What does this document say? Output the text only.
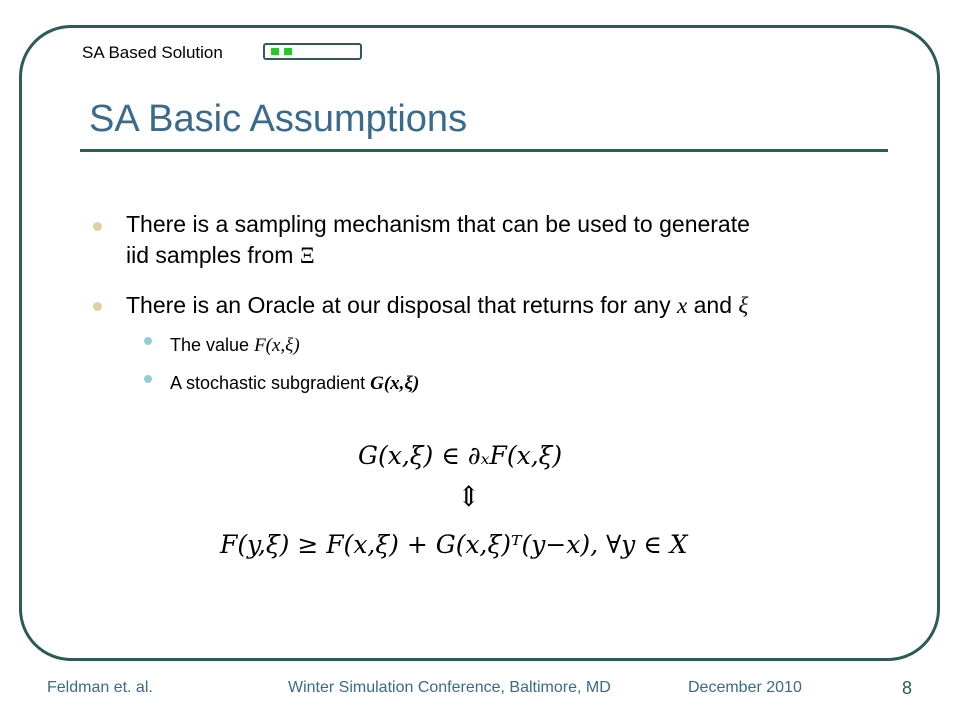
SA Based Solution
SA Basic Assumptions
There is a sampling mechanism that can be used to generate
iid samples from Ξ
There is an Oracle at our disposal that returns for any x and ξ
The value F(x,ξ)
A stochastic subgradient G(x,ξ)
G(x,ξ) ∈ ∂ₓF(x,ξ)
⇕
F(y,ξ) ≥ F(x,ξ) + G(x,ξ)ᵀ(y−x), ∀y ∈ X
Feldman et. al.	Winter Simulation Conference, Baltimore, MD	December 2010	8
